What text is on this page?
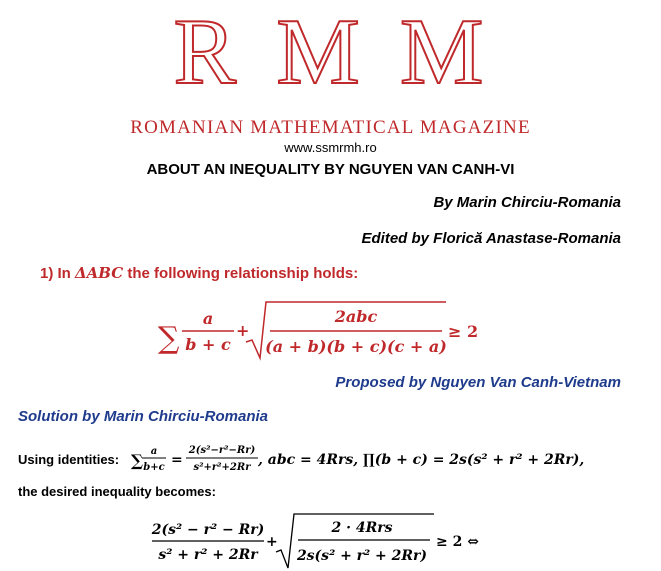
R M M
ROMANIAN MATHEMATICAL MAGAZINE
www.ssmrmh.ro
ABOUT AN INEQUALITY BY NGUYEN VAN CANH-VI
By Marin Chirciu-Romania
Edited by Florică Anastase-Romania
1) In ΔABC the following relationship holds:
∑
a
b + c
+
2abc
(a + b)(b + c)(c + a)
≥ 2
Proposed by Nguyen Van Canh-Vietnam
Solution by Marin Chirciu-Romania
Using identities: ∑ a
b+c =
2(s²−r²−Rr)
s²+r²+2Rr , abc = 4Rrs, ∏(b + c) = 2s(s² + r² + 2Rr),
the desired inequality becomes:
2(s² − r² − Rr)
s² + r² + 2Rr
+
2 · 4Rrs
2s(s² + r² + 2Rr)
≥ 2 ⇔
